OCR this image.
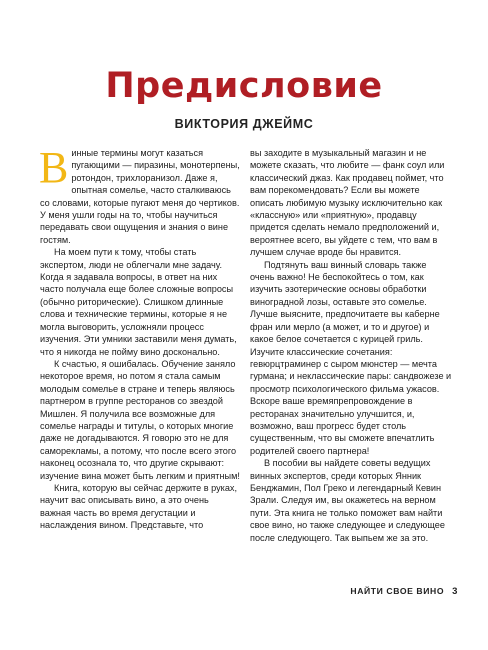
Предисловие
ВИКТОРИЯ ДЖЕЙМС

Винные термины могут казаться пугающими — пиразины, монотерпены, ротондон, трихлоранизол. Даже я, опытная сомелье, часто сталкиваюсь со словами, которые пугают меня до чертиков. У меня ушли годы на то, чтобы научиться передавать свои ощущения и знания о вине гостям.

На моем пути к тому, чтобы стать экспертом, люди не облегчали мне задачу. Когда я задавала вопросы, в ответ на них часто получала еще более сложные вопросы (обычно риторические). Слишком длинные слова и технические термины, которые я не могла выговорить, усложняли процесс изучения. Эти умники заставили меня думать, что я никогда не пойму вино досконально.

К счастью, я ошибалась. Обучение заняло некоторое время, но потом я стала самым молодым сомелье в стране и теперь являюсь партнером в группе ресторанов со звездой Мишлен. Я получила все возможные для сомелье награды и титулы, о которых многие даже не догадываются. Я говорю это не для саморекламы, а потому, что после всего этого наконец осознала то, что другие скрывают: изучение вина может быть легким и приятным!

Книга, которую вы сейчас держите в руках, научит вас описывать вино, а это очень важная часть во время дегустации и наслаждения вином. Представьте, что

вы заходите в музыкальный магазин и не можете сказать, что любите — фанк соул или классический джаз. Как продавец поймет, что вам порекомендовать? Если вы можете описать любимую музыку исключительно как «классную» или «приятную», продавцу придется сделать немало предположений и, вероятнее всего, вы уйдете с тем, что вам в лучшем случае вроде бы нравится.

Подтянуть ваш винный словарь также очень важно! Не беспокойтесь о том, как изучить эзотерические основы обработки виноградной лозы, оставьте это сомелье. Лучше выясните, предпочитаете вы каберне фран или мерло (а может, и то и другое) и какое белое сочетается с курицей гриль. Изучите классические сочетания: гевюрцтраминер с сыром мюнстер — мечта гурмана; и неклассические пары: сандвожезе и просмотр психологического фильма ужасов. Вскоре ваше времяпрепровождение в ресторанах значительно улучшится, и, возможно, ваш прогресс будет столь существенным, что вы сможете впечатлить родителей своего партнера!

В пособии вы найдете советы ведущих винных экспертов, среди которых Янник Бенджамин, Пол Греко и легендарный Кевин Зрали. Следуя им, вы окажетесь на верном пути. Эта книга не только поможет вам найти свое вино, но также следующее и следующее после следующего. Так выпьем же за это.

НАЙТИ СВОЕ ВИНО 3
